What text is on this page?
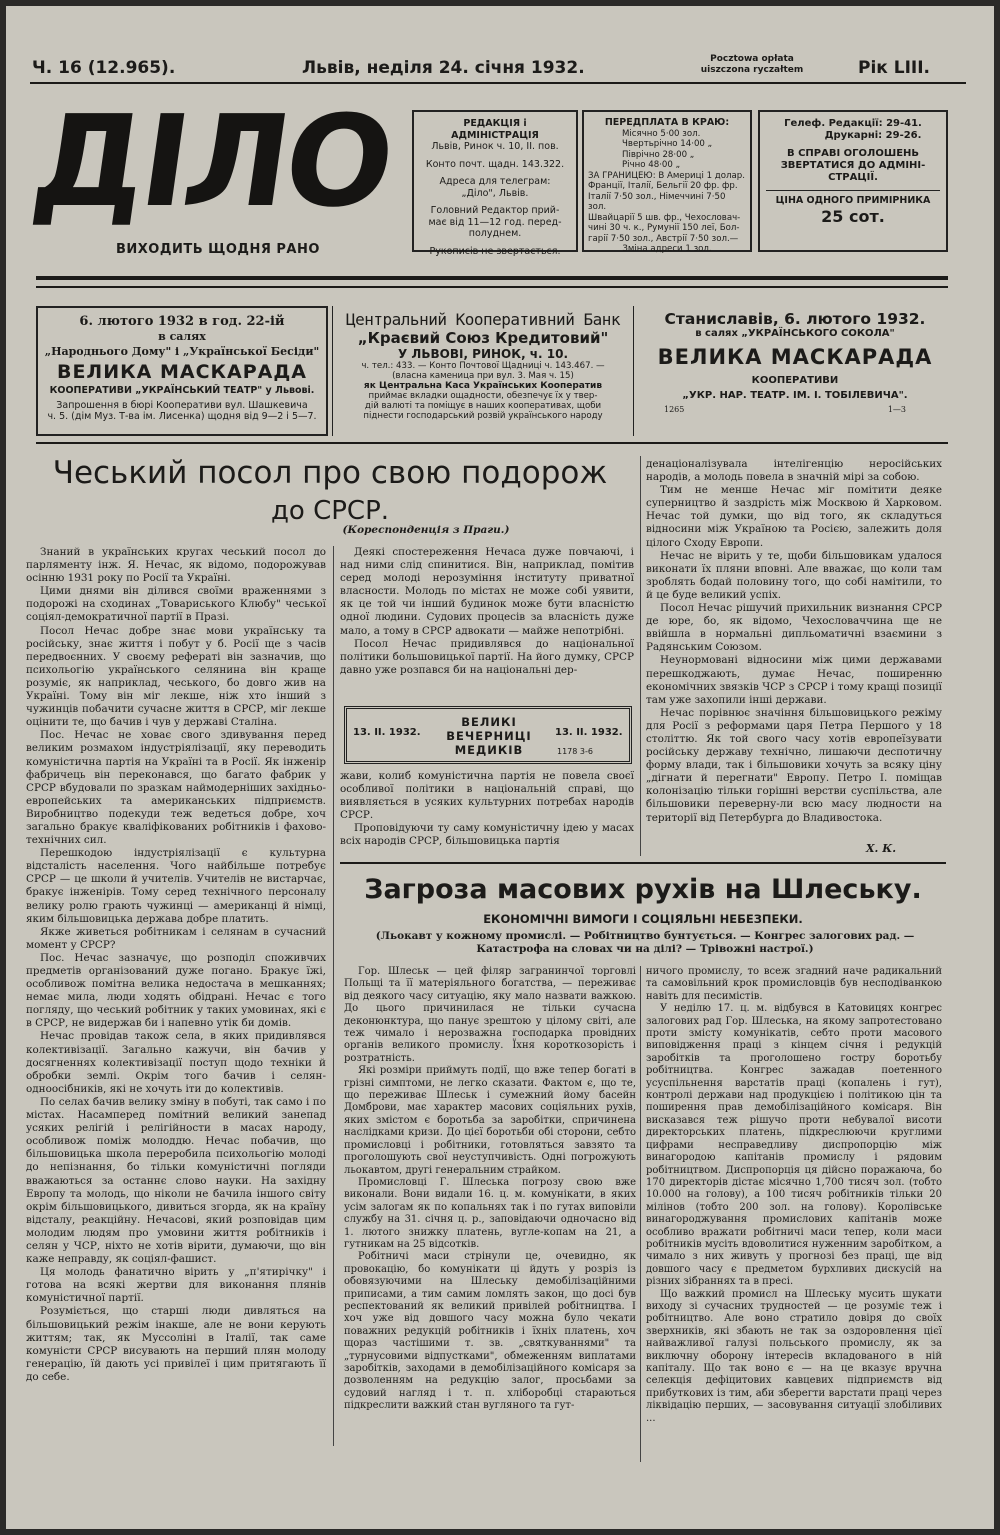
Ч. 16 (12.965).	Львів, неділя 24. січня 1932.	Pocztowa opłata
uiszczona ryczałtem	Рік LIII.
ДІЛО
ВИХОДИТЬ ЩОДНЯ РАНО
РЕДАКЦІЯ і АДМІНІСТРАЦІЯ
Львів, Ринок ч. 10, II. пов.
Конто почт. щадн. 143.322.
Адреса для телеграм:
„Діло", Львів.
Головний Редактор прий-
має від 11—12 год. перед-
полуднем.
Рукописів не звертається.
ПЕРЕДПЛАТА В КРАЮ:
Місячно 5·00 зол.
Чвертьрічно 14·00 „
Піврічно 28·00 „
Річно 48·00 „
ЗА ГРАНИЦЕЮ: В Америці 1 долар.
Франції, Італії, Бельгії 20 фр. фр.
Італії 7·50 зол., Німеччині 7·50 зол.
Швайцарії 5 шв. фр., Чехословач-
чині 30 ч. к., Румунії 150 леї, Бол-
гарії 7·50 зол., Австрії 7·50 зол.—
Зміна адреси 1 зол.
Гелеф. Редакції: 29-41.
Друкарні: 29-26.
В СПРАВІ ОГОЛОШЕНЬ ЗВЕРТАТИСЯ ДО АДМІНІ-СТРАЦІЇ.
ЦІНА ОДНОГО ПРИМІРНИКА
25 сот.
6. лютого 1932 в год. 22-ій
в салях
„Народнього Дому" і „Української Бесіди"
ВЕЛИКА МАСКАРАДА
КООПЕРАТИВИ „УКРАЇНСЬКИЙ ТЕАТР" у Львові.
Запрошення в бюрі Кооперативи вул. Шашкевича
ч. 5. (дім Муз. Т-ва ім. Лисенка) щодня від 9—2 і 5—7.
Центральний Кооперативний Банк
„Краєвий Союз Кредитовий"
У ЛЬВОВІ, РИНОК, ч. 10.
ч. тел.: 433. — Конто Почтової Щадниці ч. 143.467. —
(власна каменица при вул. 3. Мая ч. 15)
як Центральна Каса Українських Кооператив
приймає вкладки ощадности, обезпечує їх у твер-
дій валюті та поміщує в наших кооперативах, щоби
піднести господарський розвій українського народу
Станиславів, 6. лютого 1932.
в салях „УКРАЇНСЬКОГО СОКОЛА"
ВЕЛИКА МАСКАРАДА
КООПЕРАТИВИ
„УКР. НАР. ТЕАТР. ІМ. І. ТОБІЛЕВИЧА".
1265	1—3
Чеський посол про свою подорож
до СРСР.
(Кореспонденція з Праги.)

Знаний в українських кругах чеський посол до парляменту інж. Я. Нечас, як відомо, подорожував осінню 1931 року по Росії та Україні.

Цими днями він ділився своїми враженнями з подорожі на сходинах „Товариського Клюбу" чеської соціял-демократичної партії в Празі.

Посол Нечас добре знає мови українську та російську, знає життя і побут у б. Росії ще з часів передвоєнних. У своєму рефераті він зазначив, що психольогію українського селянина він краще розуміє, як наприклад, чеського, бо довго жив на Україні. Тому він міг лекше, ніж хто інший з чужинців побачити сучасне життя в СРСР, міг лекше оцінити те, що бачив і чув у державі Сталіна.

Пос. Нечас не ховає свого здивування перед великим розмахом індустріялізації, яку переводить комуністична партія на Україні та в Росії. Як інженір фабричець він переконався, що багато фабрик у СРСР вбудовали по зразкам наймодерніших західньо-европейських та американських підприємств. Виробництво подекуди теж ведеться добре, хоч загально бракує кваліфікованих робітників і фахово-технічних сил.

Перешкодою індустріялізації є культурна відсталість населення. Чого найбільше потребує СРСР — це школи й учителів. Учителів не вистарчає, бракує інженірів. Тому серед технічного персоналу велику ролю грають чужинці — американці й німці, яким більшовицька держава добре платить.

Якже живеться робітникам і селянам в сучасний момент у СРСР?

Пос. Нечас зазначує, що розподіл споживчих предметів організований дуже погано. Бракує їжі, особливож помітна велика недостача в мешканнях; немає мила, люди ходять обідрані. Нечас є того погляду, що чеський робітник у таких умовинах, які є в СРСР, не видержав би і напевно утік би домів.

Нечас провідав також села, в яких придивлявся колективізації. Загально кажучи, він бачив у досягненнях колективізації поступ щодо техніки й обробки землі. Окрім того бачив і селян-одноосібників, які не хочуть іти до колективів.

По селах бачив велику зміну в побуті, так само і по містах. Насамперед помітний великий занепад усяких релігій і релігійности в масах народу, особливож поміж молоддю. Нечас побачив, що більшовицька школа переробила психольогію молоді до непізнання, бо тільки комуністичні погляди вважаються за останнє слово науки. На західну Европу та молодь, що ніколи не бачила іншого світу окрім більшовицького, дивиться згорда, як на країну відсталу, реакційну. Нечасові, який розповідав цим молодим людям про умовини життя робітників і селян у ЧСР, ніхто не хотів вірити, думаючи, що він каже неправду, як соціял-фашист.

Ця молодь фанатично вірить у „п'ятирічку" і готова на всякі жертви для виконання плянів комуністичної партії.

Розуміється, що старші люди дивляться на більшовицький режім інакше, але не вони керують життям; так, як Муссоліні в Італії, так саме комуністи СРСР висувають на перший плян молоду генерацію, їй дають усі привілеї і цим притягають її до себе.

Деякі спостереження Нечаса дуже повчаючі, і над ними слід спинитися. Він, наприклад, помітив серед молоді нерозуміння інституту приватної власности. Молодь по містах не може собі уявити, як це той чи інший будинок може бути власністю одної людини. Судових процесів за власність дуже мало, а тому в СРСР адвокати — майже непотрібні.

Посол Нечас придивлявся до національної політики большовицької партії. На його думку, СРСР давно уже розпався би на національні дер-

13. II. 1932.
ВЕЛИКІ ВЕЧЕРНИЦІ МЕДИКІВ
13. II. 1932.
1178 3-6

жави, колиб комуністична партія не повела своєї особливої політики в національній справі, що виявляється в усяких культурних потребах народів СРСР.

Проповідуючи ту саму комуністичну ідею у масах всіх народів СРСР, більшовицька партія

денаціоналізувала інтелігенцію неросійських народів, а молодь повела в значній мірі за собою.

Тим не менше Нечас міг помітити деяке суперництво й заздрість між Москвою й Харковом. Нечас той думки, що від того, як складуться відносини між Україною та Росією, залежить доля цілого Сходу Европи.

Нечас не вірить у те, щоби більшовикам удалося виконати їх пляни вповні. Але вважає, що коли там зроблять бодай половину того, що собі намітили, то й це буде великий успіх.

Посол Нечас рішучий прихильник визнання СРСР де юре, бо, як відомо, Чехословаччина ще не ввійшла в нормальні дипльоматичні взаємини з Радянським Союзом.

Неунормовані відносини між цими державами перешкоджають, думає Нечас, поширенню економічних звязків ЧСР з СРСР і тому кращі позиції там уже захопили інші держави.

Нечас порівнює значіння більшовицького режіму для Росії з реформами царя Петра Першого у 18 століттю. Як той свого часу хотів европеїзувати російську державу технічно, лишаючи деспотичну форму влади, так і більшовики хочуть за всяку ціну „дігнати й перегнати" Европу. Петро I. поміщав колонізацію тільки горішні верстви суспільства, але більшовики переверну-ли всю масу людности на території від Петербурга до Владивостока.

Х. К.
Загроза масових рухів на Шлеську.
ЕКОНОМІЧНІ ВИМОГИ І СОЦІЯЛЬНІ НЕБЕЗПЕКИ.
(Льокавт у кожному промислі. — Робітництво бунтується. — Конгрес залогових рад. — Катастрофа на словах чи на ділі? — Трівожні настрої.)

Гор. Шлеськ — цей філяр загранинчої торговлі Польщі та її матеріяльного богатства, — переживає від деякого часу ситуацію, яку мало назвати важкою. До цього причинилася не тільки сучасна деконюнктура, що панує зрештою у цілому світі, але теж чимало і нерозважна господарка провідних органів великого промислу. Їхня короткозорість і розтратність.

Які розміри приймуть події, що вже тепер богаті в грізні симптоми, не легко сказати. Фактом є, що те, що переживає Шлеськ і сумежний йому басейн Домброви, має характер масових соціяльних рухів, яких змістом є боротьба за заробітки, спричинена наслідками кризи. До цієї боротьби обі сторони, себто промисловці і робітники, готовляться завзято та проголошують свої неуступчивість. Одні погрожують льокавтом, другі генеральним страйком.

Промисловці Г. Шлеська погрозу свою вже виконали. Вони видали 16. ц. м. комунікати, в яких усім залогам як по копальнях так і по гутах виповіли службу на 31. січня ц. р., заповідаючи одночасно від 1. лютого знижку платень, вугле-копам на 21, а гутникам на 25 відсотків.

Робітничі маси стрінули це, очевидно, як провокацію, бо комунікати ці йдуть у розріз із обовязуючими на Шлеську демобілізаційними приписами, а тим самим ломлять закон, що досі був респектований як великий привілей робітництва. І хоч уже від довшого часу можна було чекати поважних редукцій робітників і їхніх платень, хоч щораз частішими т. зв. „святкуваннями" та „турнусовими відпустками", обмеженням виплатами заробітків, заходами в демобілізаційного комісаря за дозволенням на редукцію залог, просьбами за судовий нагляд і т. п. хліборобці стараються підкреслити важкий стан вугляного та гут-

ничого промислу, то всеж згадний наче радикальний та самовільний крок промисловців був несподіванкою навіть для песимістів.

У неділю 17. ц. м. відбувся в Катовицях конгрес залогових рад Гор. Шлеська, на якому запротестовано проти змісту комунікатів, себто проти масового виповідження праці з кінцем січня і редукцій заробітків та проголошено гостру боротьбу робітництва. Конгрес зажадав поетенного усуспільнення варстатів праці (копалень і гут), контролі держави над продукцією і політикою цін та поширення прав демобілізаційного комісаря. Він висказався теж рішучо проти небувалої висоти директорських платень, підкреслюючи круглими цифрами несправедливу диспропорцію між винагородою капітанів промислу і рядовим робітництвом. Диспропорція ця дійсно поражаюча, бо 170 директорів дістає місячно 1,700 тисяч зол. (тобто 10.000 на голову), а 100 тисяч робітників тільки 20 мілінов (тобто 200 зол. на голову). Королівське винагороджування промислових капітанів може особливо вражати робітничі маси тепер, коли маси робітників мусіть вдоволитися нуженним заробітком, а чимало з них живуть у прогнозі без праці, ще від довшого часу є предметом бурхливих дискусій на різних зібраннях та в пресі.

Що важкий промисл на Шлеську мусить шукати виходу зі сучасних трудностей — це розуміє теж і робітництво. Але воно стратило довіря до своїх зверхників, які збають не так за оздоровлення цієї найважливої галузі польського промислу, як за виключну оборону інтересів вкладованого в ній капіталу. Що так воно є — на це вказує вручна селекція дефіцитових кавцевих підприємств від прибуткових із тим, аби зберегти варстати праці через ліквідацію перших, — засовування ситуації злобіливих ...
